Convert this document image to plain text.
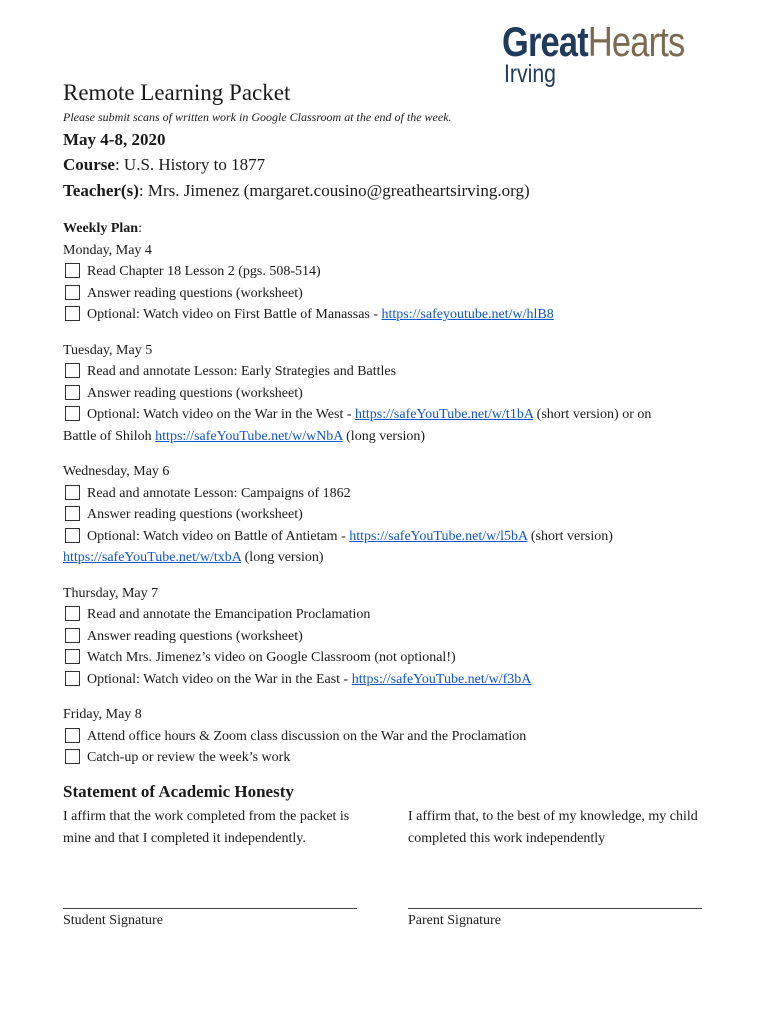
GreatHearts
Irving
Remote Learning Packet
Please submit scans of written work in Google Classroom at the end of the week.
May 4-8, 2020
Course: U.S. History to 1877
Teacher(s): Mrs. Jimenez (margaret.cousino@greatheartsirving.org)
Weekly Plan:
Monday, May 4
Read Chapter 18 Lesson 2 (pgs. 508-514)
Answer reading questions (worksheet)
Optional: Watch video on First Battle of Manassas - https://safeyoutube.net/w/hlB8
Tuesday, May 5
Read and annotate Lesson: Early Strategies and Battles
Answer reading questions (worksheet)
Optional: Watch video on the War in the West - https://safeYouTube.net/w/t1bA (short version) or on
Battle of Shiloh https://safeYouTube.net/w/wNbA (long version)
Wednesday, May 6
Read and annotate Lesson: Campaigns of 1862
Answer reading questions (worksheet)
Optional: Watch video on Battle of Antietam - https://safeYouTube.net/w/l5bA (short version)
https://safeYouTube.net/w/txbA (long version)
Thursday, May 7
Read and annotate the Emancipation Proclamation
Answer reading questions (worksheet)
Watch Mrs. Jimenez’s video on Google Classroom (not optional!)
Optional: Watch video on the War in the East - https://safeYouTube.net/w/f3bA
Friday, May 8
Attend office hours & Zoom class discussion on the War and the Proclamation
Catch-up or review the week’s work
Statement of Academic Honesty
I affirm that the work completed from the packet is mine and that I completed it independently.
I affirm that, to the best of my knowledge, my child completed this work independently
Student Signature	Parent Signature
